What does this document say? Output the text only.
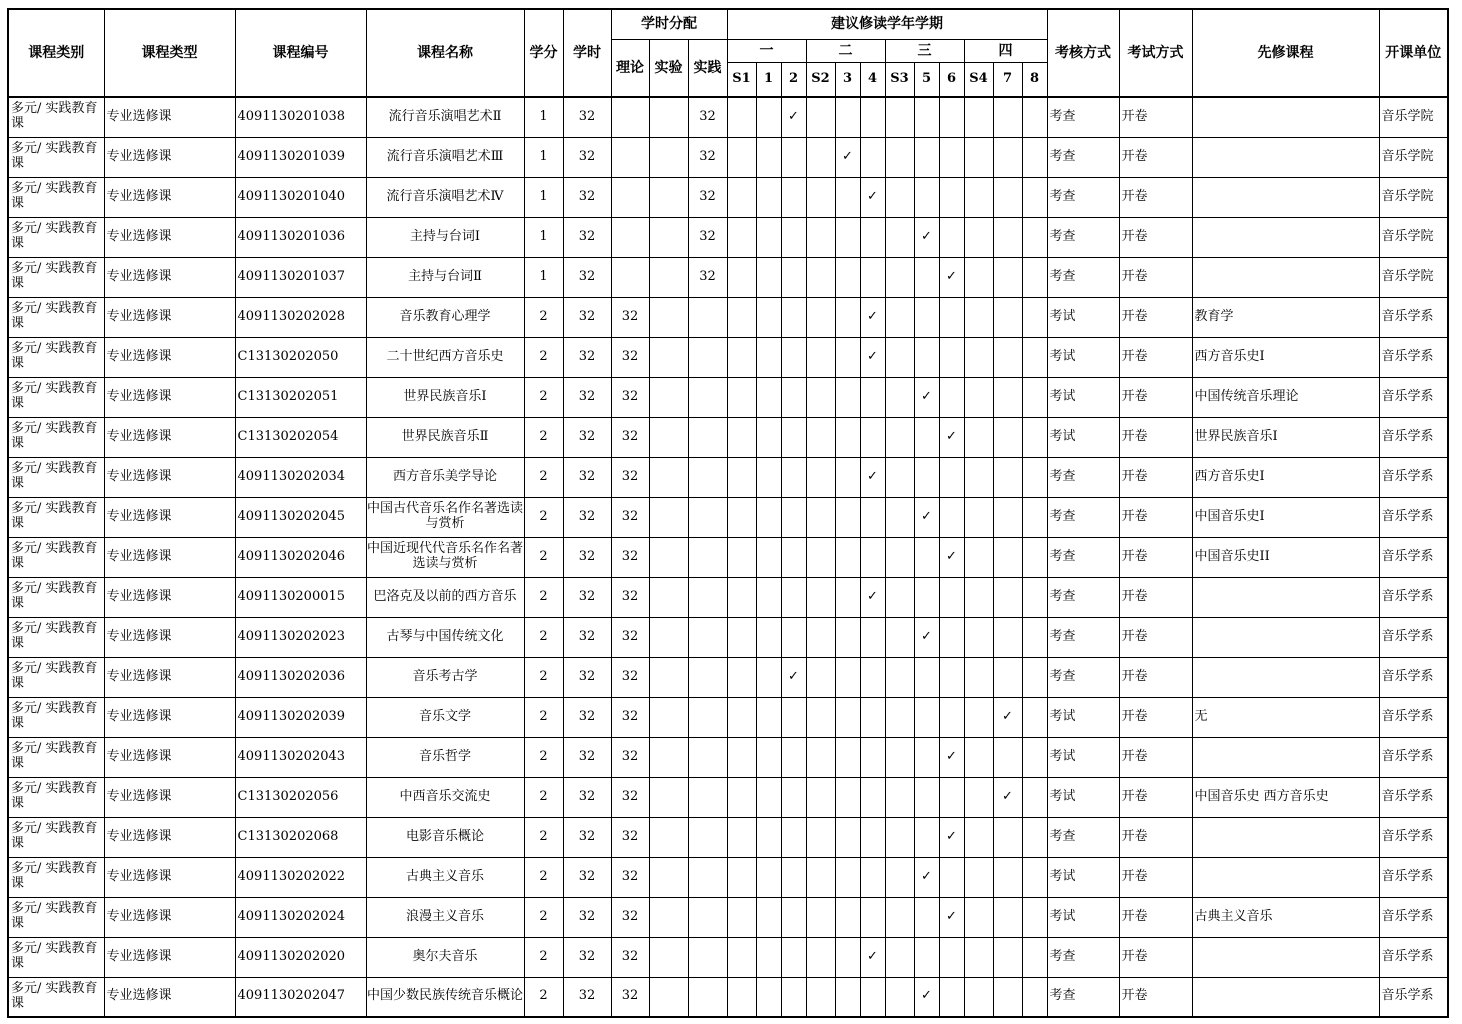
课程类别	课程类型	课程编号	课程名称	学分	学时	学时分配			建议修读学年学期												考核方式	考试方式	先修课程	开课单位
						理论	实验	实践	一			二			三			四						
									S1	1	2	S2	3	4	S3	5	6	S4	7	8				
多元/ 实践教育课	专业选修课	4091130201038	流行音乐演唱艺术Ⅱ	1	32			32			✓										考查	开卷		音乐学院
多元/ 实践教育课	专业选修课	4091130201039	流行音乐演唱艺术Ⅲ	1	32			32					✓								考查	开卷		音乐学院
多元/ 实践教育课	专业选修课	4091130201040	流行音乐演唱艺术Ⅳ	1	32			32						✓							考查	开卷		音乐学院
多元/ 实践教育课	专业选修课	4091130201036	主持与台词Ⅰ	1	32			32								✓					考查	开卷		音乐学院
多元/ 实践教育课	专业选修课	4091130201037	主持与台词Ⅱ	1	32			32									✓				考查	开卷		音乐学院
多元/ 实践教育课	专业选修课	4091130202028	音乐教育心理学	2	32	32								✓							考试	开卷	教育学	音乐学系
多元/ 实践教育课	专业选修课	C13130202050	二十世纪西方音乐史	2	32	32								✓							考试	开卷	西方音乐史Ⅰ	音乐学系
多元/ 实践教育课	专业选修课	C13130202051	世界民族音乐Ⅰ	2	32	32										✓					考试	开卷	中国传统音乐理论	音乐学系
多元/ 实践教育课	专业选修课	C13130202054	世界民族音乐Ⅱ	2	32	32											✓				考试	开卷	世界民族音乐Ⅰ	音乐学系
多元/ 实践教育课	专业选修课	4091130202034	西方音乐美学导论	2	32	32								✓							考查	开卷	西方音乐史Ⅰ	音乐学系
多元/ 实践教育课	专业选修课	4091130202045	中国古代音乐名作名著选读与赏析	2	32	32										✓					考查	开卷	中国音乐史I	音乐学系
多元/ 实践教育课	专业选修课	4091130202046	中国近现代代音乐名作名著选读与赏析	2	32	32											✓				考查	开卷	中国音乐史II	音乐学系
多元/ 实践教育课	专业选修课	4091130200015	巴洛克及以前的西方音乐	2	32	32								✓							考查	开卷		音乐学系
多元/ 实践教育课	专业选修课	4091130202023	古琴与中国传统文化	2	32	32										✓					考查	开卷		音乐学系
多元/ 实践教育课	专业选修课	4091130202036	音乐考古学	2	32	32					✓										考查	开卷		音乐学系
多元/ 实践教育课	专业选修课	4091130202039	音乐文学	2	32	32													✓		考试	开卷	无	音乐学系
多元/ 实践教育课	专业选修课	4091130202043	音乐哲学	2	32	32											✓				考试	开卷		音乐学系
多元/ 实践教育课	专业选修课	C13130202056	中西音乐交流史	2	32	32													✓		考试	开卷	中国音乐史 西方音乐史	音乐学系
多元/ 实践教育课	专业选修课	C13130202068	电影音乐概论	2	32	32											✓				考查	开卷		音乐学系
多元/ 实践教育课	专业选修课	4091130202022	古典主义音乐	2	32	32										✓					考试	开卷		音乐学系
多元/ 实践教育课	专业选修课	4091130202024	浪漫主义音乐	2	32	32											✓				考试	开卷	古典主义音乐	音乐学系
多元/ 实践教育课	专业选修课	4091130202020	奥尔夫音乐	2	32	32								✓							考查	开卷		音乐学系
多元/ 实践教育课	专业选修课	4091130202047	中国少数民族传统音乐概论	2	32	32										✓					考查	开卷		音乐学系
